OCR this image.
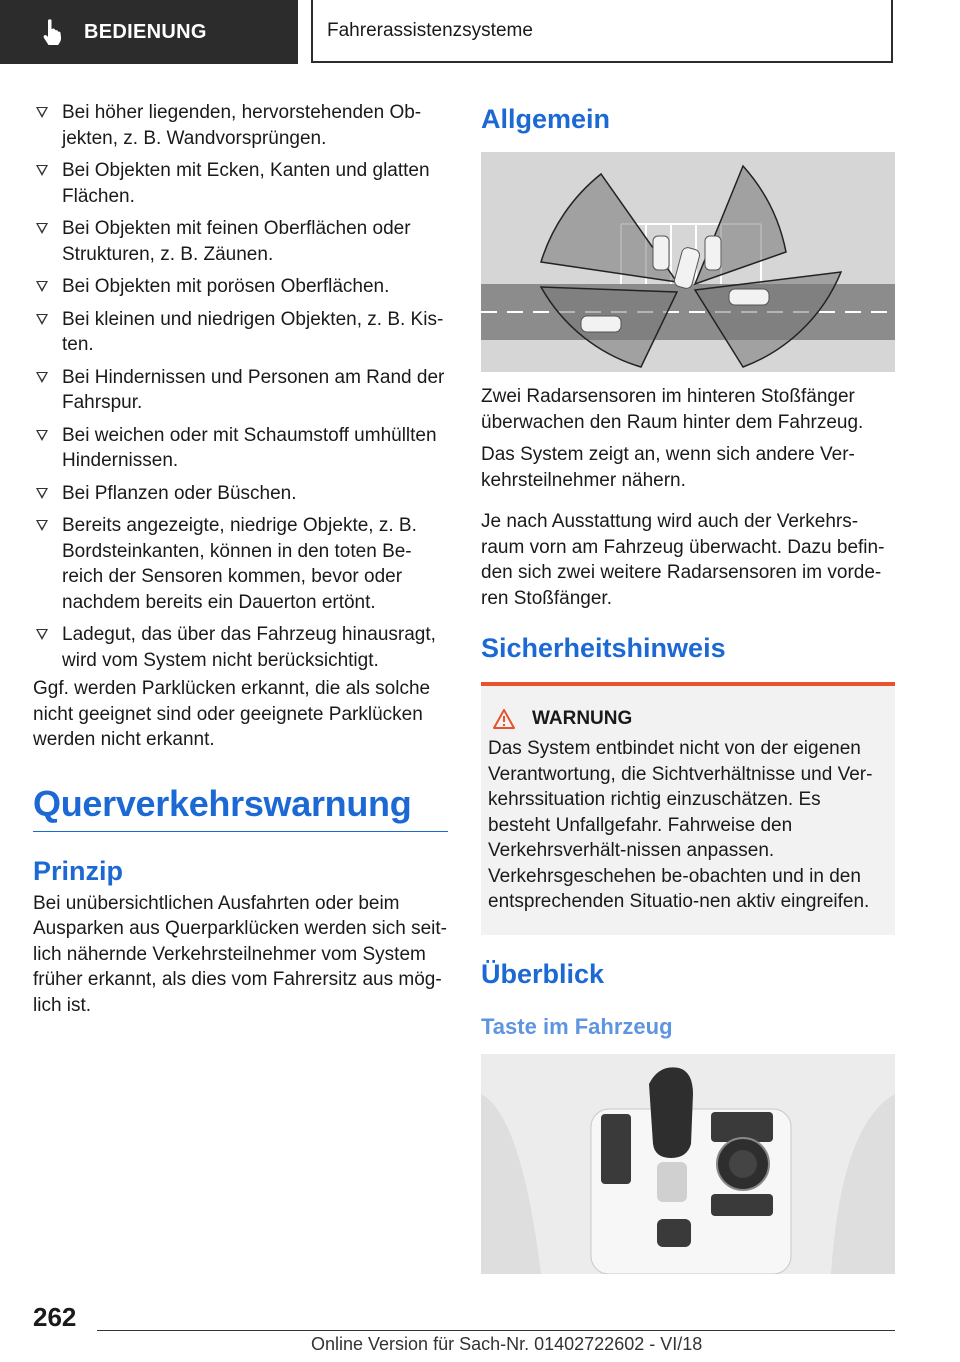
BEDIENUNG	Fahrerassistenzsysteme
Bei höher liegenden, hervorstehenden Ob-jekten, z. B. Wandvorsprüngen.
Bei Objekten mit Ecken, Kanten und glatten Flächen.
Bei Objekten mit feinen Oberflächen oder Strukturen, z. B. Zäunen.
Bei Objekten mit porösen Oberflächen.
Bei kleinen und niedrigen Objekten, z. B. Kis-ten.
Bei Hindernissen und Personen am Rand der Fahrspur.
Bei weichen oder mit Schaumstoff umhüllten Hindernissen.
Bei Pflanzen oder Büschen.
Bereits angezeigte, niedrige Objekte, z. B. Bordsteinkanten, können in den toten Be-reich der Sensoren kommen, bevor oder nachdem bereits ein Dauerton ertönt.
Ladegut, das über das Fahrzeug hinausragt, wird vom System nicht berücksichtigt.

Ggf. werden Parklücken erkannt, die als solche nicht geeignet sind oder geeignete Parklücken werden nicht erkannt.

Querverkehrswarnung
Prinzip

Bei unübersichtlichen Ausfahrten oder beim Ausparken aus Querparklücken werden sich seit-lich nähernde Verkehrsteilnehmer vom System früher erkannt, als dies vom Fahrersitz aus mög-lich ist.

Allgemein

Zwei Radarsensoren im hinteren Stoßfänger überwachen den Raum hinter dem Fahrzeug.

Das System zeigt an, wenn sich andere Ver-kehrsteilnehmer nähern.

Je nach Ausstattung wird auch der Verkehrs-raum vorn am Fahrzeug überwacht. Dazu befin-den sich zwei weitere Radarsensoren im vorde-ren Stoßfänger.

Sicherheitshinweis
WARNUNG

Das System entbindet nicht von der eigenen Verantwortung, die Sichtverhältnisse und Ver-kehrssituation richtig einzuschätzen. Es besteht Unfallgefahr. Fahrweise den Verkehrsverhält-nissen anpassen. Verkehrsgeschehen be-obachten und in den entsprechenden Situatio-nen aktiv eingreifen.

Überblick
Taste im Fahrzeug
262
Online Version für Sach-Nr. 01402722602 - VI/18
